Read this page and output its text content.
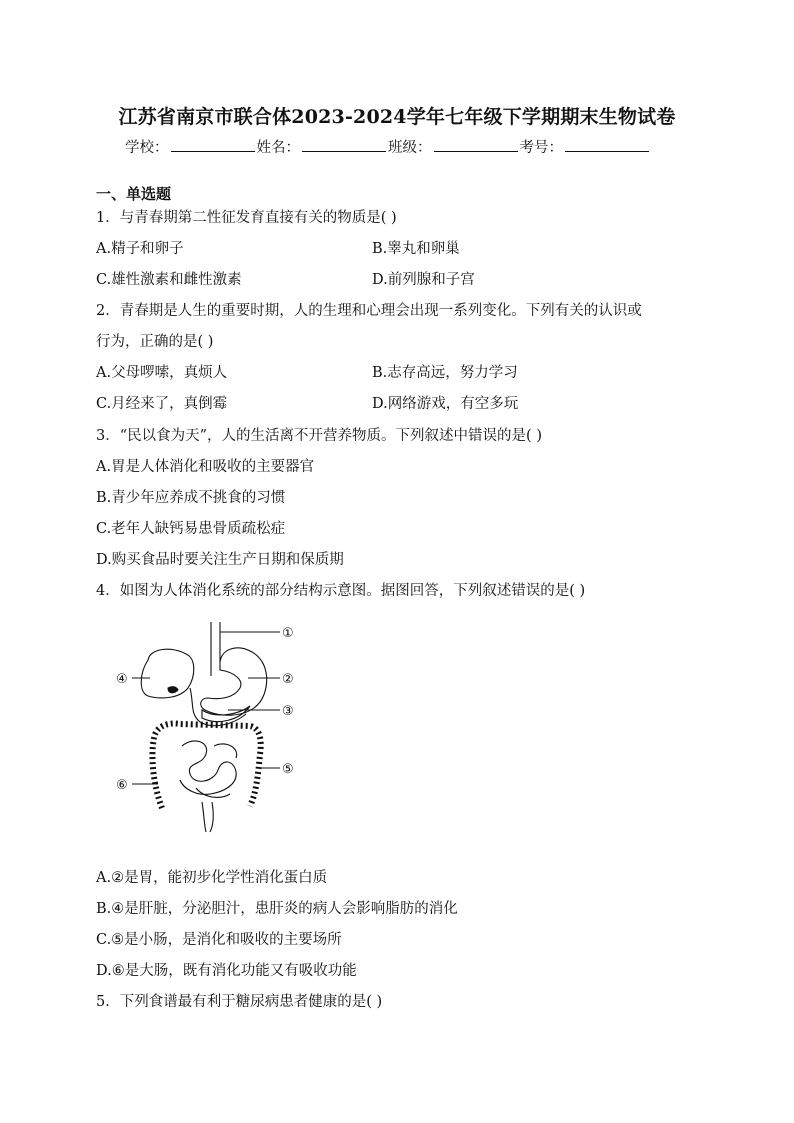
江苏省南京市联合体2023-2024学年七年级下学期期末生物试卷
学校：	姓名：	班级：	考号：
一、单选题
1．与青春期第二性征发育直接有关的物质是( )
A.精子和卵子	B.睾丸和卵巢
C.雄性激素和雌性激素	D.前列腺和子宫
2．青春期是人生的重要时期，人的生理和心理会出现一系列变化。下列有关的认识或
行为，正确的是( )
A.父母啰嗦，真烦人	B.志存高远，努力学习
C.月经来了，真倒霉	D.网络游戏，有空多玩
3．“民以食为天”，人的生活离不开营养物质。下列叙述中错误的是( )
A.胃是人体消化和吸收的主要器官
B.青少年应养成不挑食的习惯
C.老年人缺钙易患骨质疏松症
D.购买食品时要关注生产日期和保质期
4．如图为人体消化系统的部分结构示意图。据图回答，下列叙述错误的是( )
①
②
③
④
⑤
⑥
A.②是胃，能初步化学性消化蛋白质
B.④是肝脏，分泌胆汁，患肝炎的病人会影响脂肪的消化
C.⑤是小肠，是消化和吸收的主要场所
D.⑥是大肠，既有消化功能又有吸收功能
5．下列食谱最有利于糖尿病患者健康的是( )
